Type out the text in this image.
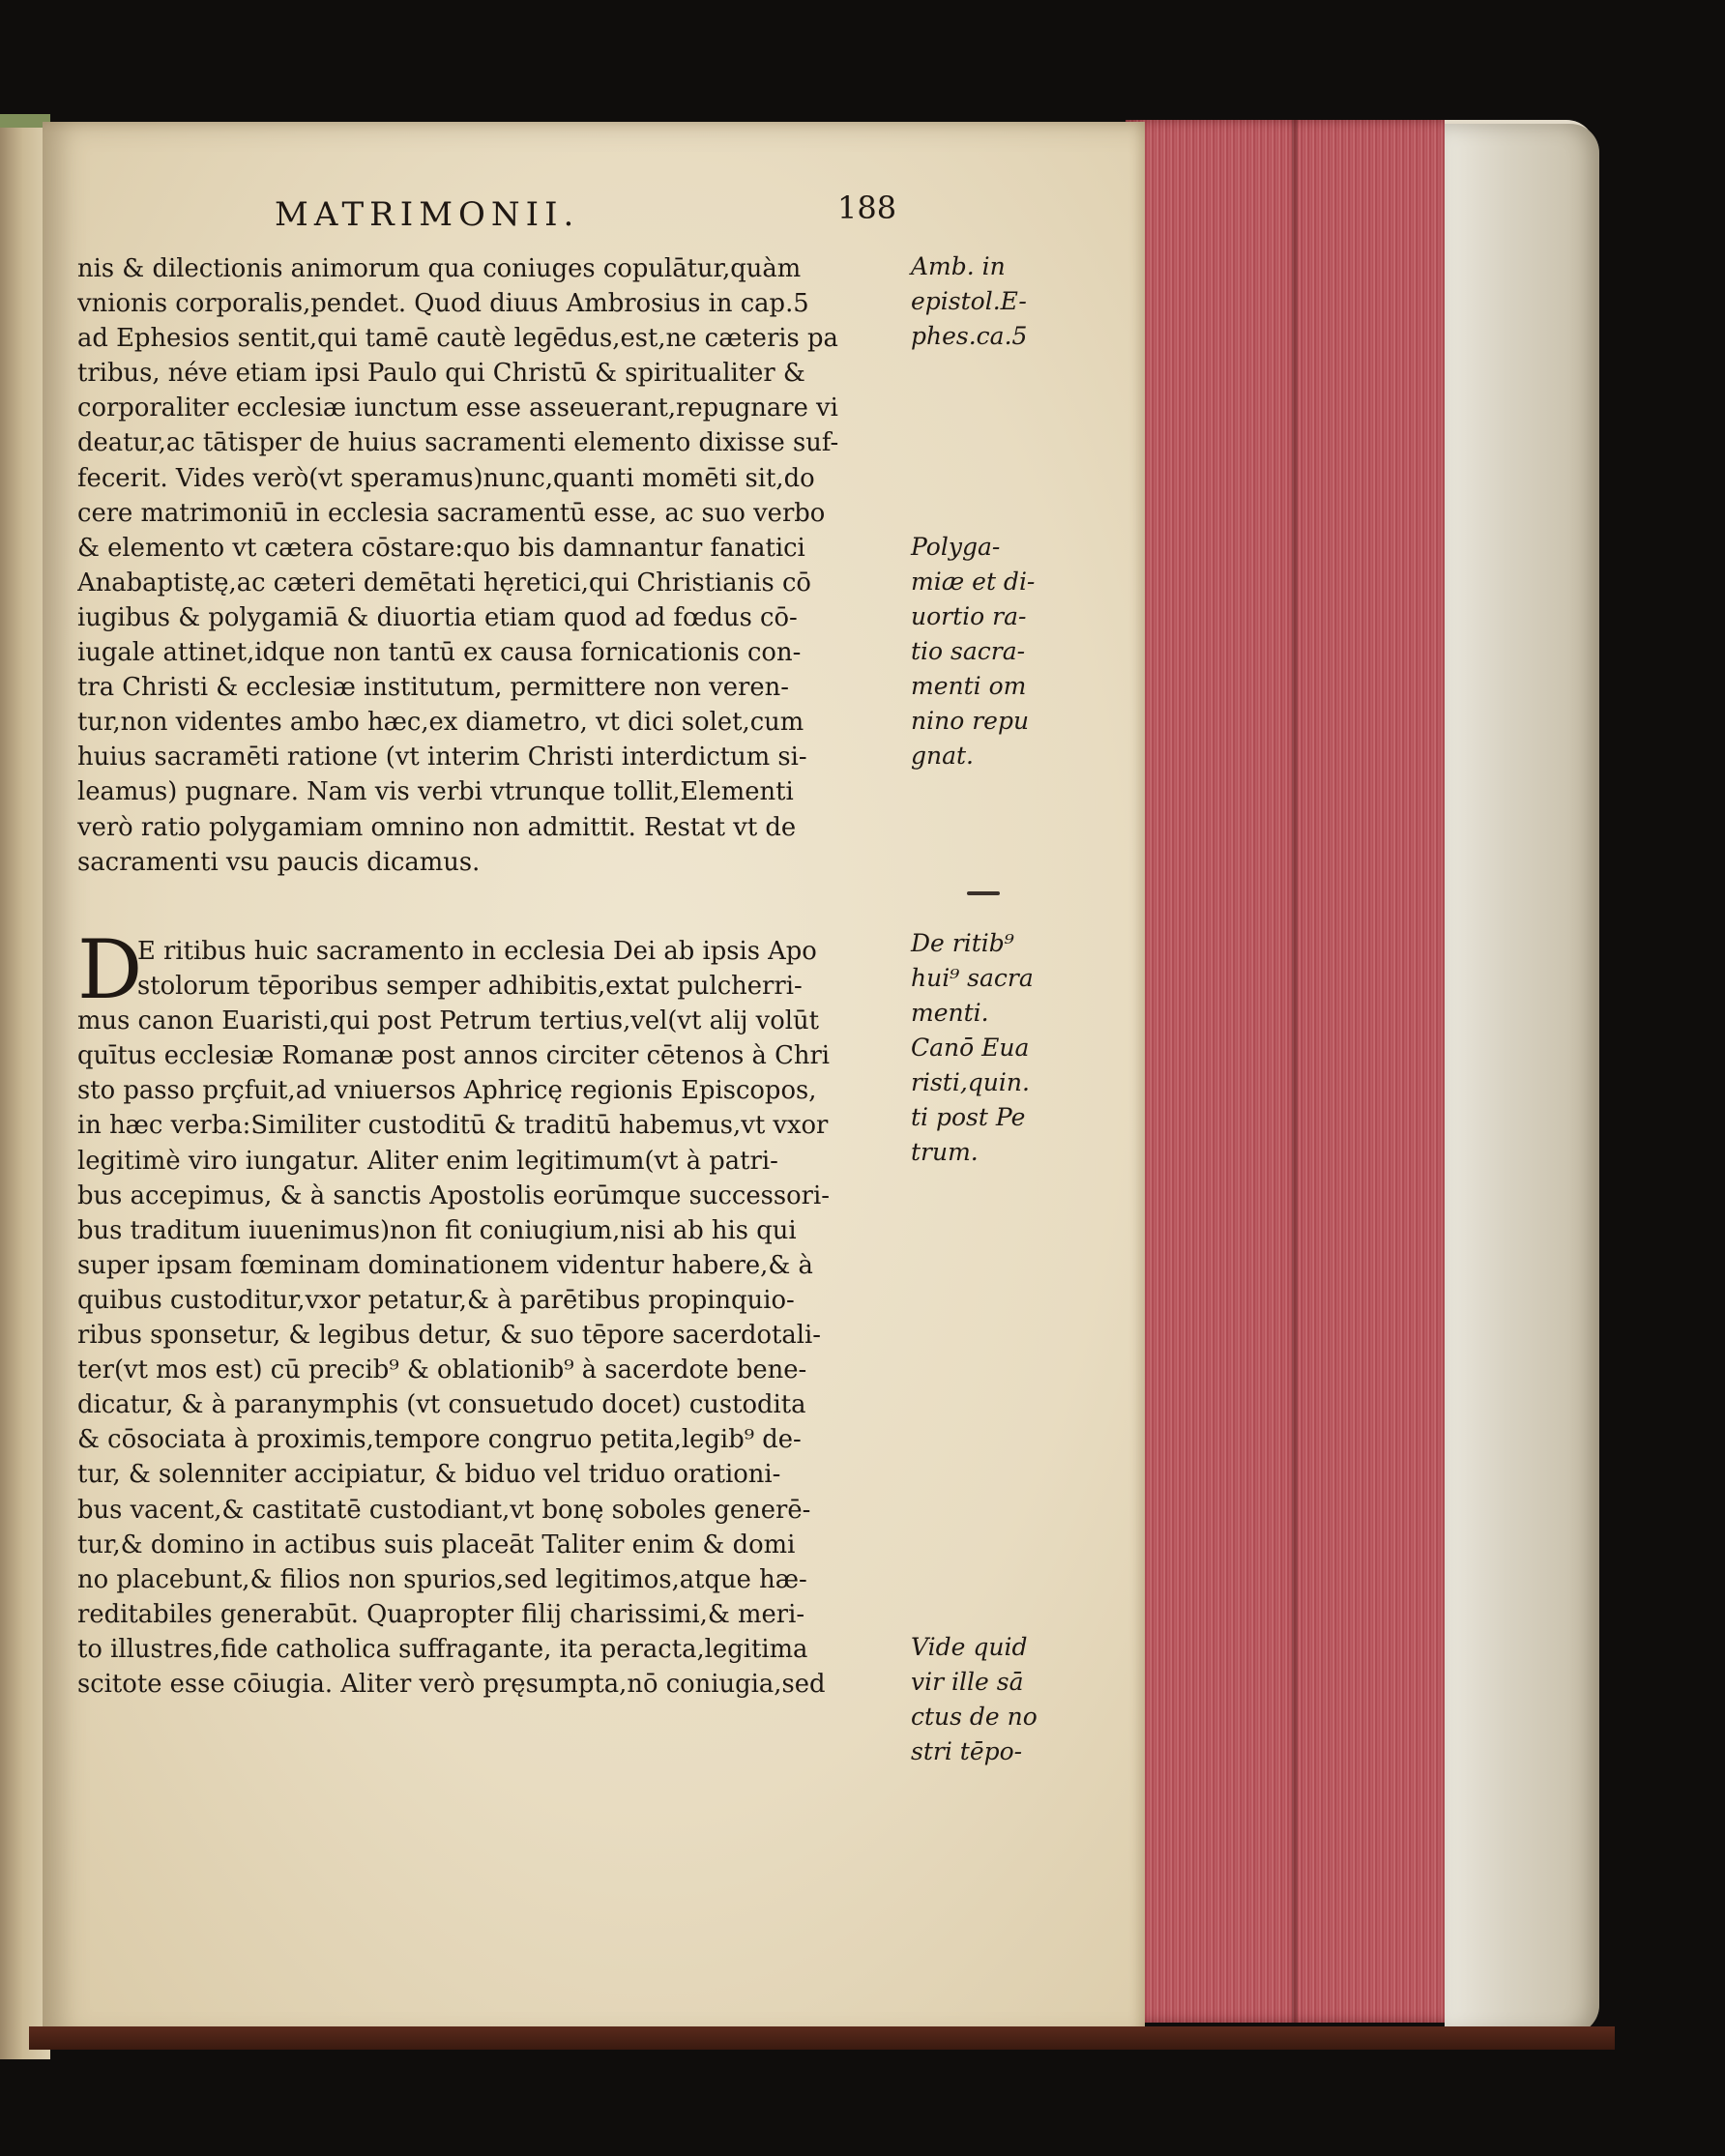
MATRIMONII.	188
nis & dilectionis animorum qua coniuges copulātur,quàm
vnionis corporalis,pendet. Quod diuus Ambrosius in cap.5
ad Ephesios sentit,qui tamē cautè legēdus,est,ne cæteris pa
tribus, néve etiam ipsi Paulo qui Christū & spiritualiter &
corporaliter ecclesiæ iunctum esse asseuerant,repugnare vi
deatur,ac tātisper de huius sacramenti elemento dixisse suf-
fecerit. Vides verò(vt speramus)nunc,quanti momēti sit,do
cere matrimoniū in ecclesia sacramentū esse, ac suo verbo
& elemento vt cætera cōstare:quo bis damnantur fanatici
Anabaptistę,ac cæteri demētati hęretici,qui Christianis cō
iugibus & polygamiā & diuortia etiam quod ad fœdus cō-
iugale attinet,idque non tantū ex causa fornicationis con-
tra Christi & ecclesiæ institutum, permittere non veren-
tur,non videntes ambo hæc,ex diametro, vt dici solet,cum
huius sacramēti ratione (vt interim Christi interdictum si-
leamus) pugnare. Nam vis verbi vtrunque tollit,Elementi
verò ratio polygamiam omnino non admittit. Restat vt de
sacramenti vsu paucis dicamus.
D
E ritibus huic sacramento in ecclesia Dei ab ipsis Apo
stolorum tēporibus semper adhibitis,extat pulcherri-
mus canon Euaristi,qui post Petrum tertius,vel(vt alij volūt
quītus ecclesiæ Romanæ post annos circiter cētenos à Chri
sto passo prçfuit,ad vniuersos Aphricę regionis Episcopos,
in hæc verba:Similiter custoditū & traditū habemus,vt vxor
legitimè viro iungatur. Aliter enim legitimum(vt à patri-
bus accepimus, & à sanctis Apostolis eorūmque successori-
bus traditum iuuenimus)non fit coniugium,nisi ab his qui
super ipsam fœminam dominationem videntur habere,& à
quibus custoditur,vxor petatur,& à parētibus propinquio-
ribus sponsetur, & legibus detur, & suo tēpore sacerdotali-
ter(vt mos est) cū precib⁹ & oblationib⁹ à sacerdote bene-
dicatur, & à paranymphis (vt consuetudo docet) custodita
& cōsociata à proximis,tempore congruo petita,legib⁹ de-
tur, & solenniter accipiatur, & biduo vel triduo orationi-
bus vacent,& castitatē custodiant,vt bonę soboles generē-
tur,& domino in actibus suis placeāt Taliter enim & domi
no placebunt,& filios non spurios,sed legitimos,atque hæ-
reditabiles generabūt. Quapropter filij charissimi,& meri-
to illustres,fide catholica suffragante, ita peracta,legitima
scitote esse cōiugia. Aliter verò pręsumpta,nō coniugia,sed
Amb. in
epistol.E-
phes.ca.5
Polyga-
miæ et di-
uortio ra-
tio sacra-
menti om
nino repu
gnat.
De ritib⁹
hui⁹ sacra
menti.
Canō Eua
risti,quin.
ti post Pe
trum.
Vide quid
vir ille sā
ctus de no
stri tēpo-
